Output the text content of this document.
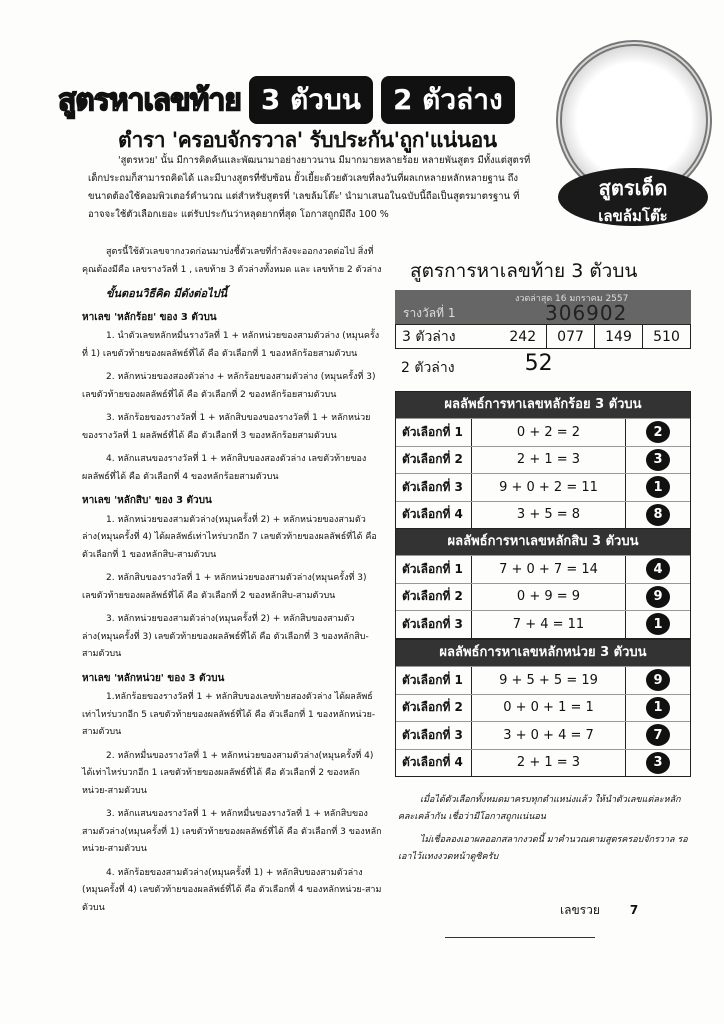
สูตรหาเลขท้าย 3 ตัวบน	2 ตัวล่าง
ตำรา 'ครอบจักรวาล' รับประกัน'ถูก'แน่นอน

'สูตรหวย' นั้น มีการคิดค้นและพัฒนามาอย่างยาวนาน มีมากมายหลายร้อย หลายพันสูตร มีทั้งแต่สูตรที่เด็กประถมก็สามารถคิดได้ และมีบางสูตรที่ซับซ้อน ยั้วเยี้ยะด้วยตัวเลขที่ลงวันที่ผลเกหลายหลักหลายฐาน ถึงขนาดต้องใช้คอมพิวเตอร์คำนวณ แต่สำหรับสูตรที่ 'เลขล้มโต๊ะ' นำมาเสนอในฉบับนี้ถือเป็นสูตรมาตรฐาน ที่อาจจะใช้ตัวเลือกเยอะ แต่รับประกันว่าหลุดยากที่สุด โอกาสถูกมีถึง 100 %

สูตรเด็ด
เลขล้มโต๊ะ

สูตรนี้ใช้ตัวเลขจากงวดก่อนมาบ่งชี้ตัวเลขที่กำลังจะออกงวดต่อไป สิ่งที่คุณต้องมีคือ เลขรางวัลที่ 1 , เลขท้าย 3 ตัวล่างทั้งหมด และ เลขท้าย 2 ตัวล่าง

ขั้นตอนวิธีคิด มีดังต่อไปนี้
หาเลข 'หลักร้อย' ของ 3 ตัวบน

1. นำตัวเลขหลักหมื่นรางวัลที่ 1 + หลักหน่วยของสามตัวล่าง (หมุนครั้งที่ 1) เลขตัวท้ายของผลลัพธ์ที่ได้ คือ ตัวเลือกที่ 1 ของหลักร้อยสามตัวบน

2. หลักหน่วยของสองตัวล่าง + หลักร้อยของสามตัวล่าง (หมุนครั้งที่ 3) เลขตัวท้ายของผลลัพธ์ที่ได้ คือ ตัวเลือกที่ 2 ของหลักร้อยสามตัวบน

3. หลักร้อยของรางวัลที่ 1 + หลักสิบของของรางวัลที่ 1 + หลักหน่วยของรางวัลที่ 1 ผลลัพธ์ที่ได้ คือ ตัวเลือกที่ 3 ของหลักร้อยสามตัวบน

4. หลักแสนของรางวัลที่ 1 + หลักสิบของสองตัวล่าง เลขตัวท้ายของผลลัพธ์ที่ได้ คือ ตัวเลือกที่ 4 ของหลักร้อยสามตัวบน

หาเลข 'หลักสิบ' ของ 3 ตัวบน

1. หลักหน่วยของสามตัวล่าง(หมุนครั้งที่ 2) + หลักหน่วยของสามตัวล่าง(หมุนครั้งที่ 4) ได้ผลลัพธ์เท่าไหร่บวกอีก 7 เลขตัวท้ายของผลลัพธ์ที่ได้ คือ ตัวเลือกที่ 1 ของหลักสิบ-สามตัวบน

2. หลักสิบของรางวัลที่ 1 + หลักหน่วยของสามตัวล่าง(หมุนครั้งที่ 3) เลขตัวท้ายของผลลัพธ์ที่ได้ คือ ตัวเลือกที่ 2 ของหลักสิบ-สามตัวบน

3. หลักหน่วยของสามตัวล่าง(หมุนครั้งที่ 2) + หลักสิบของสามตัวล่าง(หมุนครั้งที่ 3) เลขตัวท้ายของผลลัพธ์ที่ได้ คือ ตัวเลือกที่ 3 ของหลักสิบ-สามตัวบน

หาเลข 'หลักหน่วย' ของ 3 ตัวบน

1.หลักร้อยของรางวัลที่ 1 + หลักสิบของเลขท้ายสองตัวล่าง ได้ผลลัพธ์เท่าไหร่บวกอีก 5 เลขตัวท้ายของผลลัพธ์ที่ได้ คือ ตัวเลือกที่ 1 ของหลักหน่วย-สามตัวบน

2. หลักหมื่นของรางวัลที่ 1 + หลักหน่วยของสามตัวล่าง(หมุนครั้งที่ 4) ได้เท่าไหร่บวกอีก 1 เลขตัวท้ายของผลลัพธ์ที่ได้ คือ ตัวเลือกที่ 2 ของหลักหน่วย-สามตัวบน

3. หลักแสนของรางวัลที่ 1 + หลักหมื่นของรางวัลที่ 1 + หลักสิบของสามตัวล่าง(หมุนครั้งที่ 1) เลขตัวท้ายของผลลัพธ์ที่ได้ คือ ตัวเลือกที่ 3 ของหลักหน่วย-สามตัวบน

4. หลักร้อยของสามตัวล่าง(หมุนครั้งที่ 1) + หลักสิบของสามตัวล่าง (หมุนครั้งที่ 4) เลขตัวท้ายของผลลัพธ์ที่ได้ คือ ตัวเลือกที่ 4 ของหลักหน่วย-สามตัวบน

สูตรการหาเลขท้าย 3 ตัวบน
รางวัลที่ 1
งวดล่าสุด 16 มกราคม 2557
306902
3 ตัวล่าง	242	077	149	510
2 ตัวล่าง	52
ผลลัพธ์การหาเลขหลักร้อย 3 ตัวบน
ตัวเลือกที่ 1	0 + 2 = 2	2
ตัวเลือกที่ 2	2 + 1 = 3	3
ตัวเลือกที่ 3	9 + 0 + 2 = 11	1
ตัวเลือกที่ 4	3 + 5 = 8	8
ผลลัพธ์การหาเลขหลักสิบ 3 ตัวบน
ตัวเลือกที่ 1	7 + 0 + 7 = 14	4
ตัวเลือกที่ 2	0 + 9 = 9	9
ตัวเลือกที่ 3	7 + 4 = 11	1
ผลลัพธ์การหาเลขหลักหน่วย 3 ตัวบน
ตัวเลือกที่ 1	9 + 5 + 5 = 19	9
ตัวเลือกที่ 2	0 + 0 + 1 = 1	1
ตัวเลือกที่ 3	3 + 0 + 4 = 7	7
ตัวเลือกที่ 4	2 + 1 = 3	3

เมื่อได้ตัวเลือกทั้งหมดมาครบทุกตำแหน่งแล้ว ให้นำตัวเลขแต่ละหลักคละเคล้ากัน เชื่อว่ามีโอกาสถูกแน่นอน

ไม่เชื่อลองเอาผลออกสลากงวดนี้ มาคำนวณตามสูตรครอบจักรวาล รอเอาไว้แทงงวดหน้าดูซิครับ

เลขรวย	7
